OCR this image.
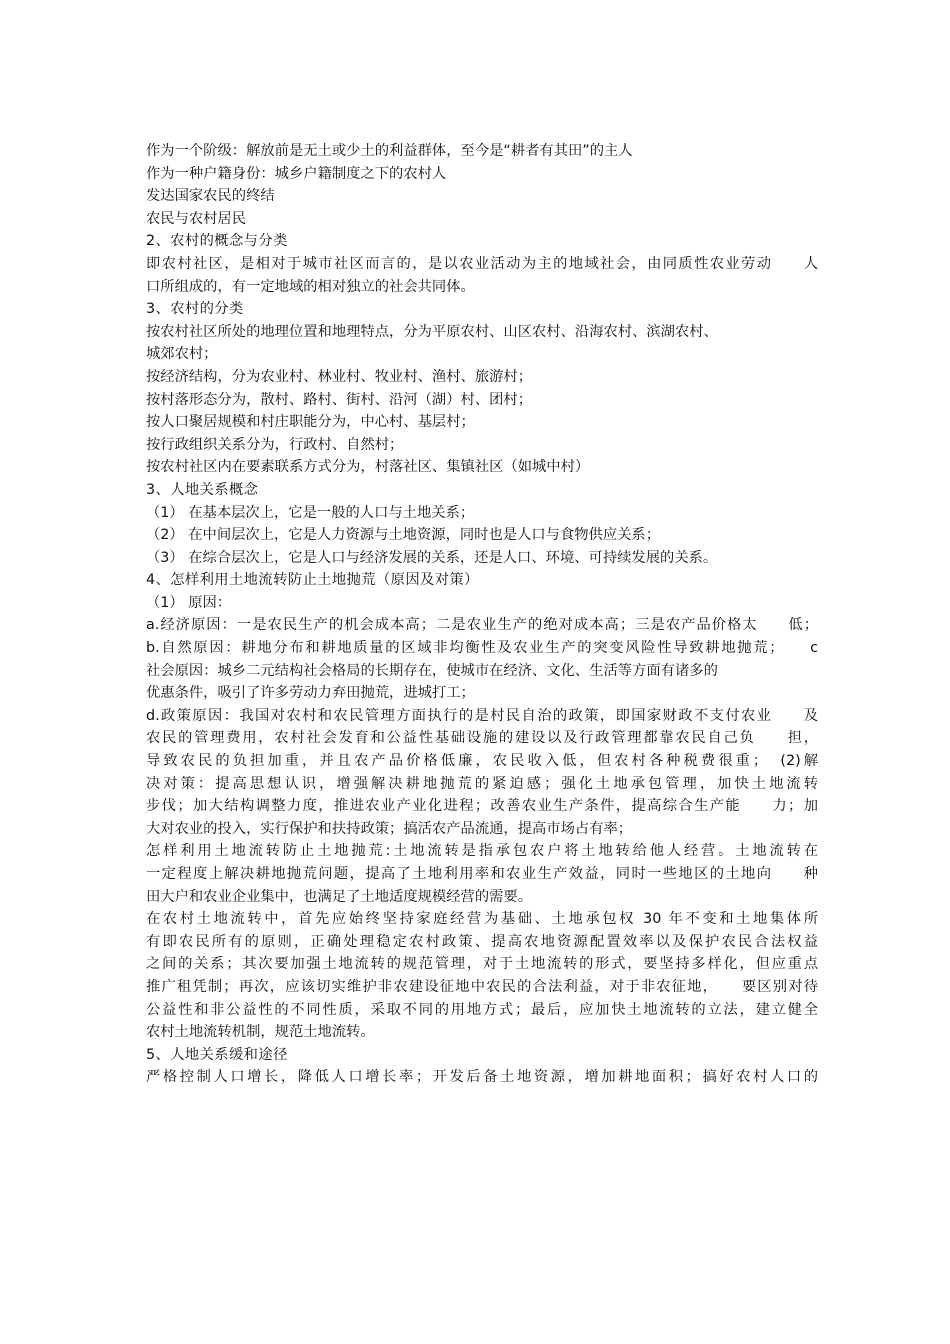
作为一个阶级：解放前是无土或少土的利益群体，至今是“耕者有其田”的主人
作为一种户籍身份：城乡户籍制度之下的农村人
发达国家农民的终结
农民与农村居民
2、农村的概念与分类
即农村社区，是相对于城市社区而言的，是以农业活动为主的地域社会，由同质性农业劳动　　人
口所组成的，有一定地域的相对独立的社会共同体。
3、农村的分类
按农村社区所处的地理位置和地理特点，分为平原农村、山区农村、沿海农村、滨湖农村、
城郊农村；
按经济结构，分为农业村、林业村、牧业村、渔村、旅游村；
按村落形态分为，散村、路村、街村、沿河（湖）村、团村；
按人口聚居规模和村庄职能分为，中心村、基层村；
按行政组织关系分为，行政村、自然村；
按农村社区内在要素联系方式分为，村落社区、集镇社区（如城中村）
3、人地关系概念
（1） 在基本层次上，它是一般的人口与土地关系；
（2） 在中间层次上，它是人力资源与土地资源，同时也是人口与食物供应关系；
（3） 在综合层次上，它是人口与经济发展的关系，还是人口、环境、可持续发展的关系。
4、怎样利用土地流转防止土地抛荒（原因及对策）
（1） 原因：
a.经济原因：一是农民生产的机会成本高；二是农业生产的绝对成本高；三是农产品价格太　　低；
b.自然原因：耕地分布和耕地质量的区域非均衡性及农业生产的突变风险性导致耕地抛荒；　　c
社会原因：城乡二元结构社会格局的长期存在，使城市在经济、文化、生活等方面有诸多的
优惠条件，吸引了许多劳动力弃田抛荒，进城打工；
d.政策原因：我国对农村和农民管理方面执行的是村民自治的政策，即国家财政不支付农业　　及
农民的管理费用，农村社会发育和公益性基础设施的建设以及行政管理都靠农民自己负　　担，
导致农民的负担加重，并且农产品价格低廉，农民收入低，但农村各种税费很重；　(2)解
决对策：提高思想认识，增强解决耕地抛荒的紧迫感；强化土地承包管理，加快土地流转
步伐；加大结构调整力度，推进农业产业化进程；改善农业生产条件，提高综合生产能　　力；加
大对农业的投入，实行保护和扶持政策；搞活农产品流通，提高市场占有率；
怎样利用土地流转防止土地抛荒:土地流转是指承包农户将土地转给他人经营。土地流转在
一定程度上解决耕地抛荒问题，提高了土地利用率和农业生产效益，同时一些地区的土地向　　种
田大户和农业企业集中，也满足了土地适度规模经营的需要。
在农村土地流转中，首先应始终坚持家庭经营为基础、土地承包权 30 年不变和土地集体所
有即农民所有的原则，正确处理稳定农村政策、提高农地资源配置效率以及保护农民合法权益
之间的关系；其次要加强土地流转的规范管理，对于土地流转的形式，要坚持多样化，但应重点
推广租凭制；再次，应该切实维护非农建设征地中农民的合法利益，对于非农征地，　　要区别对待
公益性和非公益性的不同性质，采取不同的用地方式；最后，应加快土地流转的立法，建立健全
农村土地流转机制，规范土地流转。
5、人地关系缓和途径
严格控制人口增长，降低人口增长率；开发后备土地资源，增加耕地面积；搞好农村人口的
